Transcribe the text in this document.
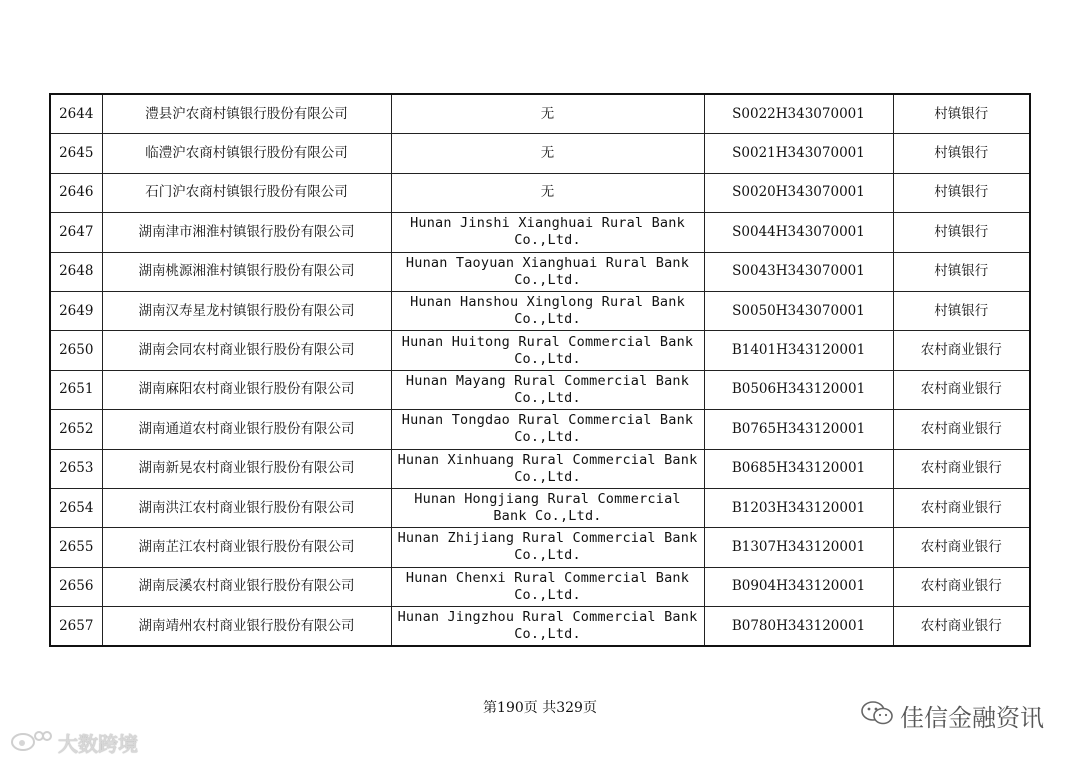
2644	澧县沪农商村镇银行股份有限公司	无	S0022H343070001	村镇银行
2645	临澧沪农商村镇银行股份有限公司	无	S0021H343070001	村镇银行
2646	石门沪农商村镇银行股份有限公司	无	S0020H343070001	村镇银行
2647	湖南津市湘淮村镇银行股份有限公司	Hunan Jinshi Xianghuai Rural Bank Co.,Ltd.	S0044H343070001	村镇银行
2648	湖南桃源湘淮村镇银行股份有限公司	Hunan Taoyuan Xianghuai Rural Bank Co.,Ltd.	S0043H343070001	村镇银行
2649	湖南汉寿星龙村镇银行股份有限公司	Hunan Hanshou Xinglong Rural Bank Co.,Ltd.	S0050H343070001	村镇银行
2650	湖南会同农村商业银行股份有限公司	Hunan Huitong Rural Commercial Bank Co.,Ltd.	B1401H343120001	农村商业银行
2651	湖南麻阳农村商业银行股份有限公司	Hunan Mayang Rural Commercial Bank Co.,Ltd.	B0506H343120001	农村商业银行
2652	湖南通道农村商业银行股份有限公司	Hunan Tongdao Rural Commercial Bank Co.,Ltd.	B0765H343120001	农村商业银行
2653	湖南新晃农村商业银行股份有限公司	Hunan Xinhuang Rural Commercial Bank Co.,Ltd.	B0685H343120001	农村商业银行
2654	湖南洪江农村商业银行股份有限公司	Hunan Hongjiang Rural Commercial Bank Co.,Ltd.	B1203H343120001	农村商业银行
2655	湖南芷江农村商业银行股份有限公司	Hunan Zhijiang Rural Commercial Bank Co.,Ltd.	B1307H343120001	农村商业银行
2656	湖南辰溪农村商业银行股份有限公司	Hunan Chenxi Rural Commercial Bank Co.,Ltd.	B0904H343120001	农村商业银行
2657	湖南靖州农村商业银行股份有限公司	Hunan Jingzhou Rural Commercial Bank Co.,Ltd.	B0780H343120001	农村商业银行
第190页 共329页	佳信金融资讯
大数跨境
